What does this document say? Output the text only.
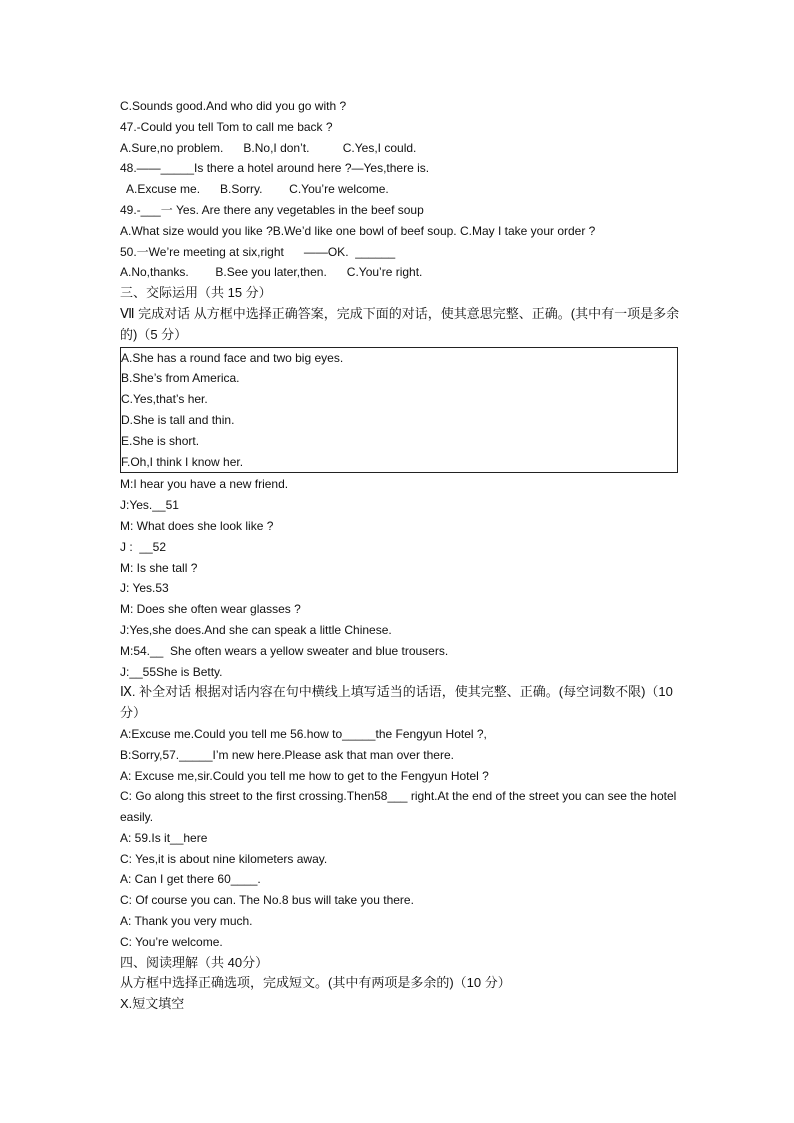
C.Sounds good.And who did you go with ?
47.-Could you tell Tom to call me back ?
A.Sure,no problem.      B.No,I don’t.          C.Yes,I could.
48.——_____Is there a hotel around here ?—Yes,there is.
A.Excuse me.      B.Sorry.        C.You’re welcome.
49.-___一 Yes. Are there any vegetables in the beef soup
A.What size would you like ?B.We’d like one bowl of beef soup. C.May I take your order ?
50.一We’re meeting at six,right      ——OK.  ______
A.No,thanks.        B.See you later,then.      C.You’re right.
三、交际运用（共 15 分）
Ⅶ 完成对话 从方框中选择正确答案，完成下面的对话，使其意思完整、正确。(其中有一项是多余的)（5 分）
A.She has a round face and two big eyes.
B.She’s from America.
C.Yes,that’s her.
D.She is tall and thin.
E.She is short.
F.Oh,I think I know her.
M:I hear you have a new friend.
J:Yes.__51
M: What does she look like ?
J :  __52
M: Is she tall ?
J: Yes.53
M: Does she often wear glasses ?
J:Yes,she does.And she can speak a little Chinese.
M:54.__  She often wears a yellow sweater and blue trousers.
J:__55She is Betty.
Ⅸ. 补全对话 根据对话内容在句中横线上填写适当的话语，使其完整、正确。(每空词数不限)（10 分）
A:Excuse me.Could you tell me 56.how to_____the Fengyun Hotel ?,
B:Sorry,57._____I’m new here.Please ask that man over there.
A: Excuse me,sir.Could you tell me how to get to the Fengyun Hotel ?
C: Go along this street to the first crossing.Then58___ right.At the end of the street you can see the hotel easily.
A: 59.Is it__here
C: Yes,it is about nine kilometers away.
A: Can I get there 60____.
C: Of course you can. The No.8 bus will take you there.
A: Thank you very much.
C: You’re welcome.
四、阅读理解（共 40分）
从方框中选择正确选项，完成短文。(其中有两项是多余的)（10 分）
X.短文填空
